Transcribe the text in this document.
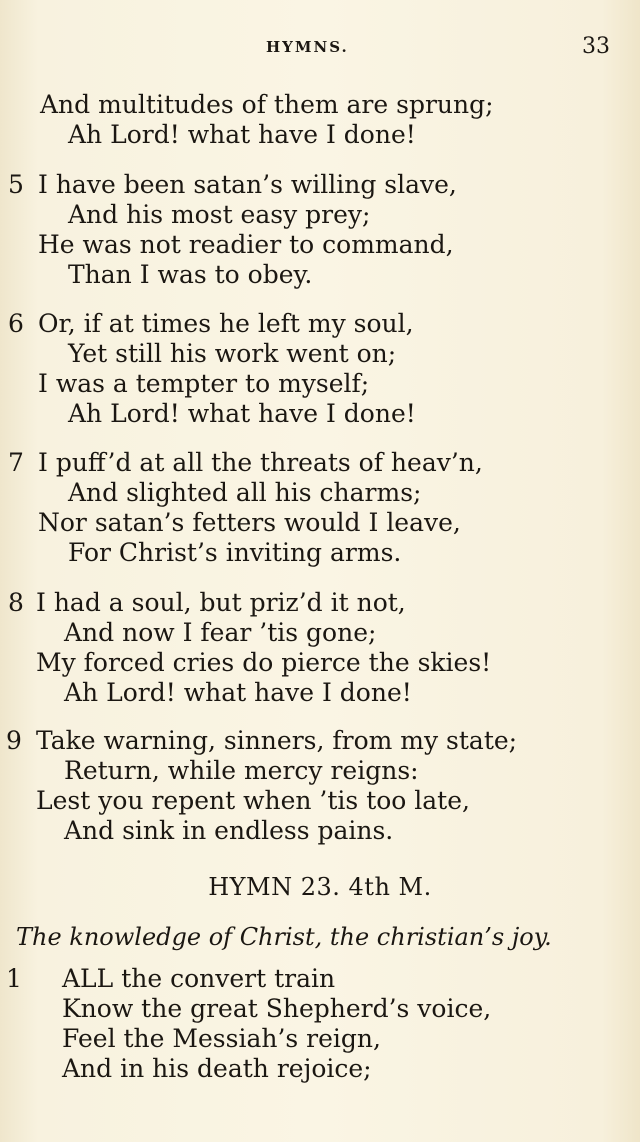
HYMNS.	33
And multitudes of them are sprung;
Ah Lord! what have I done!
5 I have been satan’s willing slave,
And his most easy prey;
He was not readier to command,
Than I was to obey.
6 Or, if at times he left my soul,
Yet still his work went on;
I was a tempter to myself;
Ah Lord! what have I done!
7 I puff’d at all the threats of heav’n,
And slighted all his charms;
Nor satan’s fetters would I leave,
For Christ’s inviting arms.
8 I had a soul, but priz’d it not,
And now I fear ’tis gone;
My forced cries do pierce the skies!
Ah Lord! what have I done!
9 Take warning, sinners, from my state;
Return, while mercy reigns:
Lest you repent when ’tis too late,
And sink in endless pains.
HYMN 23. 4th M.
The knowledge of Christ, the christian’s joy.
1 ALL the convert train
Know the great Shepherd’s voice,
Feel the Messiah’s reign,
And in his death rejoice;
